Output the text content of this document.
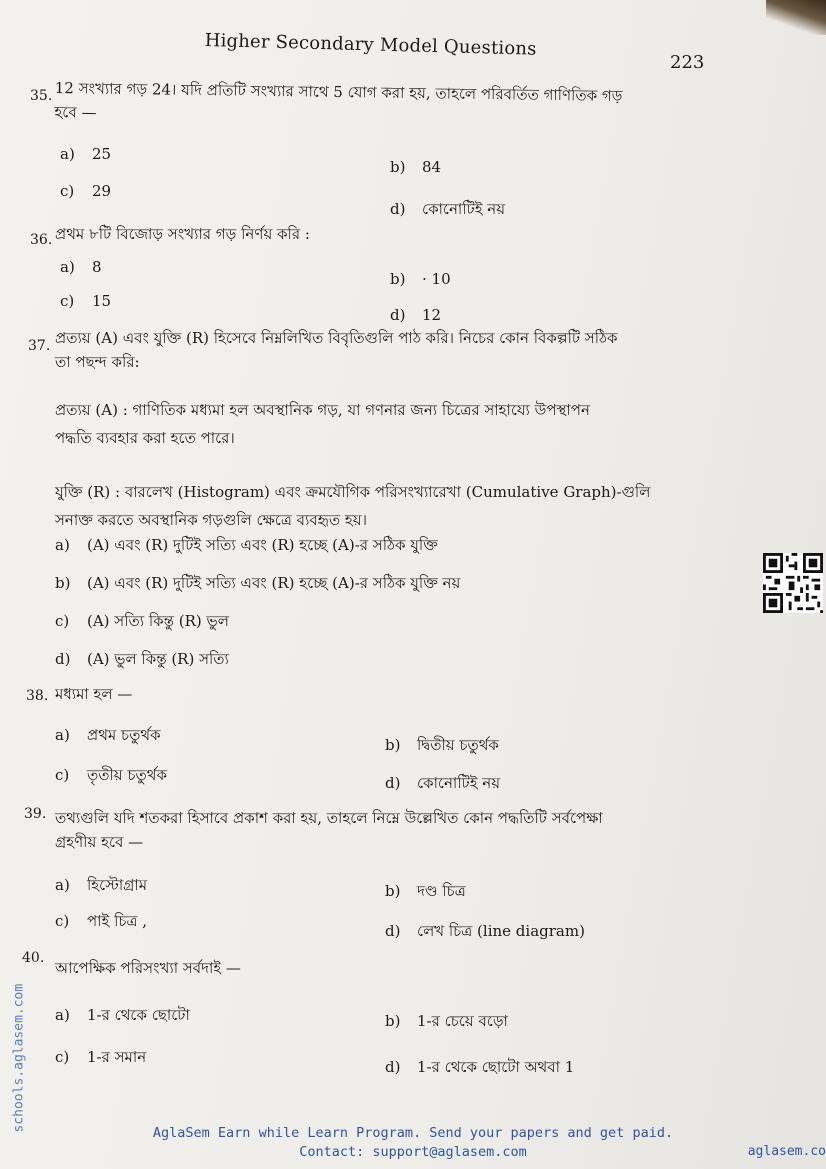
Higher Secondary Model Questions
223
35. 12 সংখ্যার গড় 24। যদি প্রতিটি সংখ্যার সাথে 5 যোগ করা হয়, তাহলে পরিবর্তিত গাণিতিক গড়
হবে —
a) 25
b) 84
c) 29
d) কোনোটিই নয়
36. প্রথম ৮টি বিজোড় সংখ্যার গড় নির্ণয় করি :
a) 8
b) · 10
c) 15
d) 12
37. প্রত্যয় (A) এবং যুক্তি (R) হিসেবে নিম্নলিখিত বিবৃতিগুলি পাঠ করি। নিচের কোন বিকল্পটি সঠিক
তা পছন্দ করি:
প্রত্যয় (A) : গাণিতিক মধ্যমা হল অবস্থানিক গড়, যা গণনার জন্য চিত্রের সাহায্যে উপস্থাপন
পদ্ধতি ব্যবহার করা হতে পারে।
যুক্তি (R) : বারলেখ (Histogram) এবং ক্রমযৌগিক পরিসংখ্যারেখা (Cumulative Graph)-গুলি
সনাক্ত করতে অবস্থানিক গড়গুলি ক্ষেত্রে ব্যবহৃত হয়।
a) (A) এবং (R) দুটিই সত্যি এবং (R) হচ্ছে (A)-র সঠিক যুক্তি
b) (A) এবং (R) দুটিই সত্যি এবং (R) হচ্ছে (A)-র সঠিক যুক্তি নয়
c) (A) সত্যি কিন্তু (R) ভুল
d) (A) ভুল কিন্তু (R) সত্যি
38. মধ্যমা হল —
a) প্রথম চতুর্থক
b) দ্বিতীয় চতুর্থক
c) তৃতীয় চতুর্থক	d) কোনোটিই নয়
39. তথ্যগুলি যদি শতকরা হিসাবে প্রকাশ করা হয়, তাহলে নিম্নে উল্লেখিত কোন পদ্ধতিটি সর্বপেক্ষা
গ্রহণীয় হবে —
a) হিস্টোগ্রাম	b) দণ্ড চিত্র
c) পাই চিত্র ,
d) লেখ চিত্র (line diagram)
40.
আপেক্ষিক পরিসংখ্যা সর্বদাই —
a) 1-র থেকে ছোটো	b) 1-র চেয়ে বড়ো
c) 1-র সমান
d) 1-র থেকে ছোটো অথবা 1
schools.aglasem.com
AglaSem Earn while Learn Program. Send your papers and get paid.
Contact: support@aglasem.com	aglasem.co
